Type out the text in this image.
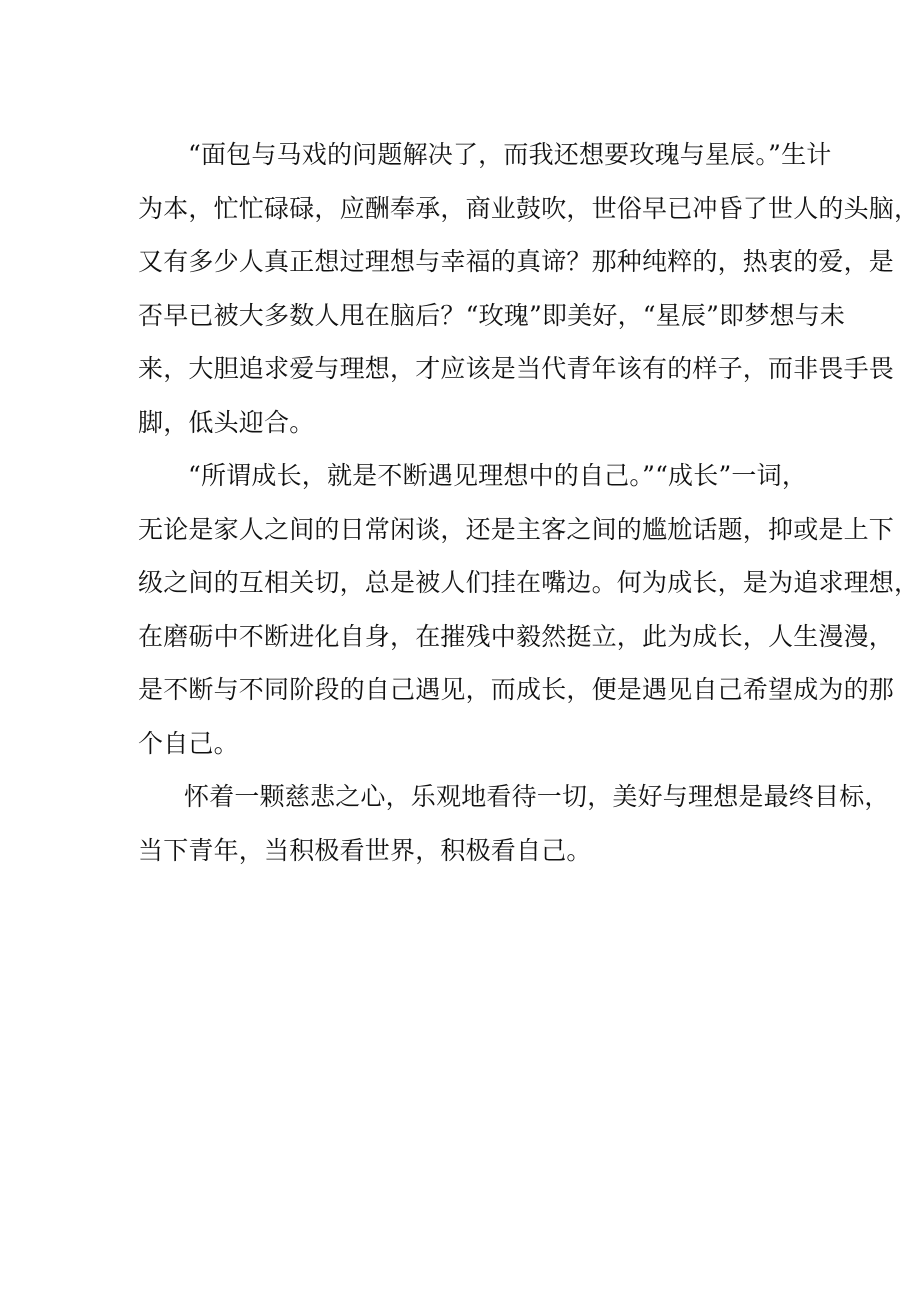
“面包与马戏的问题解决了，而我还想要玫瑰与星辰。”生计
为本，忙忙碌碌，应酬奉承，商业鼓吹，世俗早已冲昏了世人的头脑，
又有多少人真正想过理想与幸福的真谛？那种纯粹的，热衷的爱，是
否早已被大多数人甩在脑后？“玫瑰”即美好，“星辰”即梦想与未
来，大胆追求爱与理想，才应该是当代青年该有的样子，而非畏手畏
脚，低头迎合。
“所谓成长，就是不断遇见理想中的自己。”“成长”一词，
无论是家人之间的日常闲谈，还是主客之间的尴尬话题，抑或是上下
级之间的互相关切，总是被人们挂在嘴边。何为成长，是为追求理想，
在磨砺中不断进化自身，在摧残中毅然挺立，此为成长，人生漫漫，
是不断与不同阶段的自己遇见，而成长，便是遇见自己希望成为的那
个自己。
怀着一颗慈悲之心，乐观地看待一切，美好与理想是最终目标，
当下青年，当积极看世界，积极看自己。
